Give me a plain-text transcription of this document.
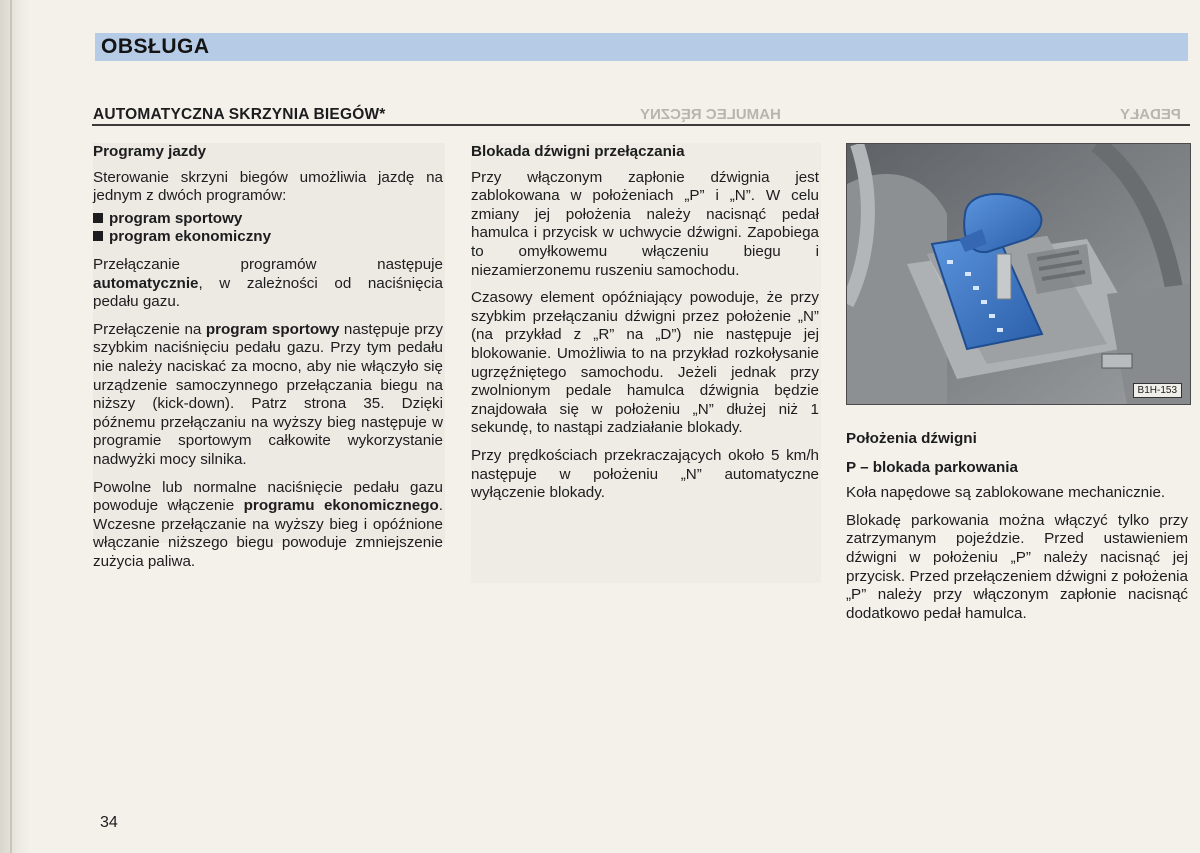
HAMULEC RĘCZNY	PEDAŁY
OBSŁUGA
AUTOMATYCZNA SKRZYNIA BIEGÓW*

Programy jazdy

Sterowanie skrzyni biegów umożliwia jazdę na jednym z dwóch programów:

program sportowy

program ekonomiczny

Przełączanie programów następuje automatycznie, w zależności od naciśnięcia pedału gazu.

Przełączenie na program sportowy następuje przy szybkim naciśnięciu pedału gazu. Przy tym pedału nie należy naciskać za mocno, aby nie włączyło się urządzenie samoczynnego przełączania biegu na niższy (kick-down). Patrz strona 35. Dzięki późnemu przełączaniu na wyższy bieg następuje w programie sportowym całkowite wykorzystanie nadwyżki mocy silnika.

Powolne lub normalne naciśnięcie pedału gazu powoduje włączenie programu ekonomicznego. Wczesne przełączanie na wyższy bieg i opóźnione włączanie niższego biegu powoduje zmniejszenie zużycia paliwa.

Blokada dźwigni przełączania

Przy włączonym zapłonie dźwignia jest zablokowana w położeniach „P” i „N”. W celu zmiany jej położenia należy nacisnąć pedał hamulca i przycisk w uchwycie dźwigni. Zapobiega to omyłkowemu włączeniu biegu i niezamierzonemu ruszeniu samochodu.

Czasowy element opóźniający powoduje, że przy szybkim przełączaniu dźwigni przez położenie „N” (na przykład z „R” na „D”) nie następuje jej blokowanie. Umożliwia to na przykład rozkołysanie ugrzęźniętego samochodu. Jeżeli jednak przy zwolnionym pedale hamulca dźwignia będzie znajdowała się w położeniu „N” dłużej niż 1 sekundę, to nastąpi zadziałanie blokady.

Przy prędkościach przekraczających około 5 km/h następuje w położeniu „N” automatyczne wyłączenie blokady.

B1H-153

Położenia dźwigni

P – blokada parkowania

Koła napędowe są zablokowane mechanicznie.

Blokadę parkowania można włączyć tylko przy zatrzymanym pojeździe. Przed ustawieniem dźwigni w położeniu „P” należy nacisnąć jej przycisk. Przed przełączeniem dźwigni z położenia „P” należy przy włączonym zapłonie nacisnąć dodatkowo pedał hamulca.

34
